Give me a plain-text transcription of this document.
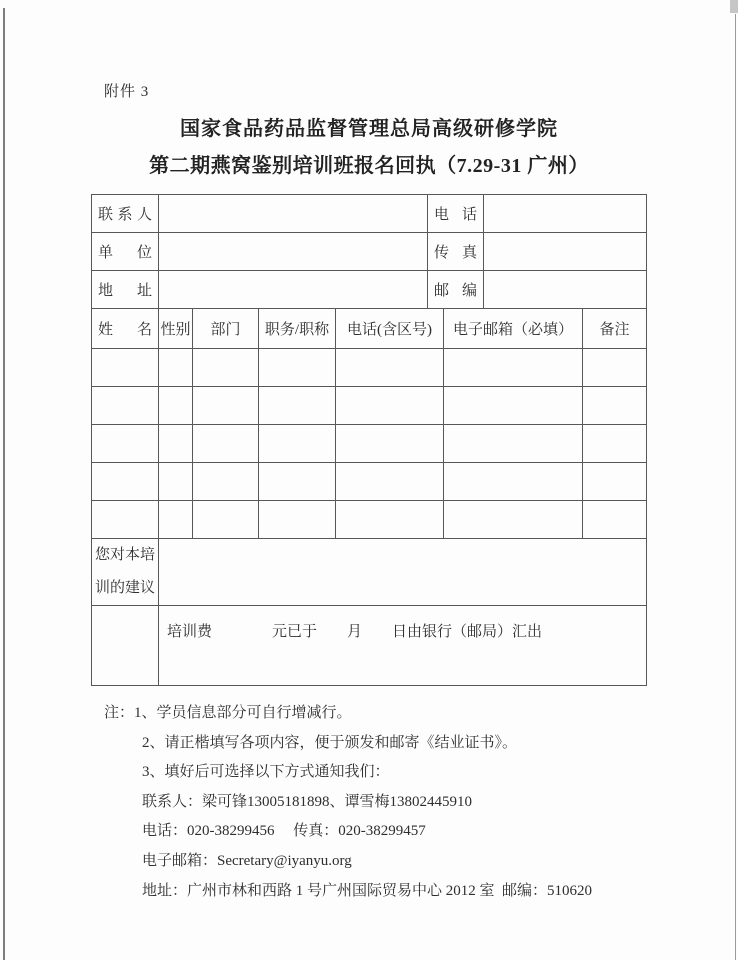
附件 3
国家食品药品监督管理总局高级研修学院
第二期燕窝鉴别培训班报名回执（7.29-31 广州）
联系人		电话	
单位		传真	
地址		邮编	
姓名	性别	部门	职务/职称	电话(含区号)	电子邮箱（必填）	备注

您对本培训的建议	
	培训费　　　　元已于　　月　　日由银行（邮局）汇出
注：1、学员信息部分可自行增减行。
2、请正楷填写各项内容，便于颁发和邮寄《结业证书》。
3、填好后可选择以下方式通知我们：
联系人：梁可锋13005181898、谭雪梅13802445910
电话：020-38299456　 传真：020-38299457
电子邮箱：Secretary@iyanyu.org
地址：广州市林和西路 1 号广州国际贸易中心 2012 室  邮编：510620
